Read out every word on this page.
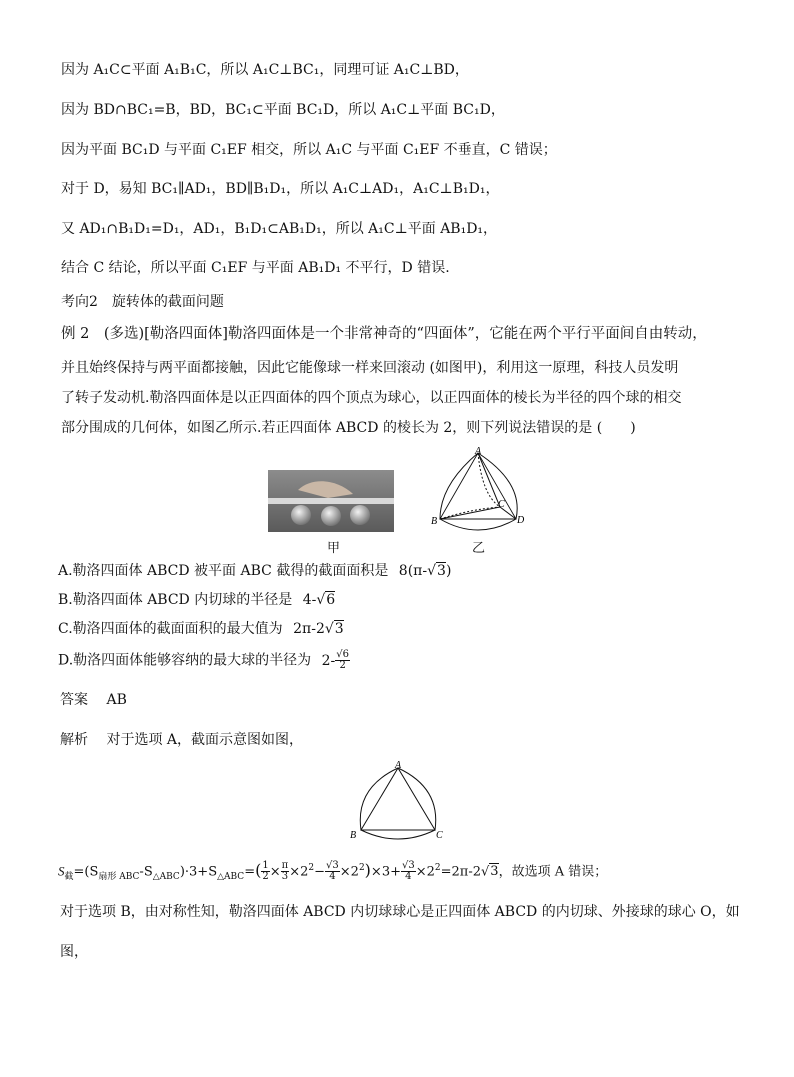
因为 A₁C⊂平面 A₁B₁C，所以 A₁C⊥BC₁，同理可证 A₁C⊥BD，
因为 BD∩BC₁=B，BD，BC₁⊂平面 BC₁D，所以 A₁C⊥平面 BC₁D，
因为平面 BC₁D 与平面 C₁EF 相交，所以 A₁C 与平面 C₁EF 不垂直，C 错误；
对于 D，易知 BC₁∥AD₁，BD∥B₁D₁，所以 A₁C⊥AD₁，A₁C⊥B₁D₁，
又 AD₁∩B₁D₁=D₁，AD₁，B₁D₁⊂AB₁D₁，所以 A₁C⊥平面 AB₁D₁，
结合 C 结论，所以平面 C₁EF 与平面 AB₁D₁ 不平行，D 错误.
考向2　旋转体的截面问题
例 2　(多选)[勒洛四面体]勒洛四面体是一个非常神奇的“四面体”，它能在两个平行平面间自由转动，
并且始终保持与两平面都接触，因此它能像球一样来回滚动 (如图甲)，利用这一原理，科技人员发明
了转子发动机.勒洛四面体是以正四面体的四个顶点为球心，以正四面体的棱长为半径的四个球的相交
部分围成的几何体，如图乙所示.若正四面体 ABCD 的棱长为 2，则下列说法错误的是 (　　)
甲
A
B
C
D
乙
A.勒洛四面体 ABCD 被平面 ABC 截得的截面面积是 8(π-√3)
B.勒洛四面体 ABCD 内切球的半径是 4-√6
C.勒洛四面体的截面面积的最大值为 2π-2√3
D.勒洛四面体能够容纳的最大球的半径为 $2- \frac{√6}{2}$
答案 AB
解析 对于选项 A，截面示意图如图，
A
B	C
$S_截=(S_{扇形 ABC}-S_{\triangle ABC})\cdot 3+S_{\triangle ABC}=( \frac{1}{2} \times \frac{\pi}{3} \times 2^2- \frac{√3}{4} \times 2^2)\times 3+ \frac{√3}{4} \times 2^2=2\pi-2√3$，故选项 A 错误；
对于选项 B，由对称性知，勒洛四面体 ABCD 内切球球心是正四面体 ABCD 的内切球、外接球的球心 O，如
图，
